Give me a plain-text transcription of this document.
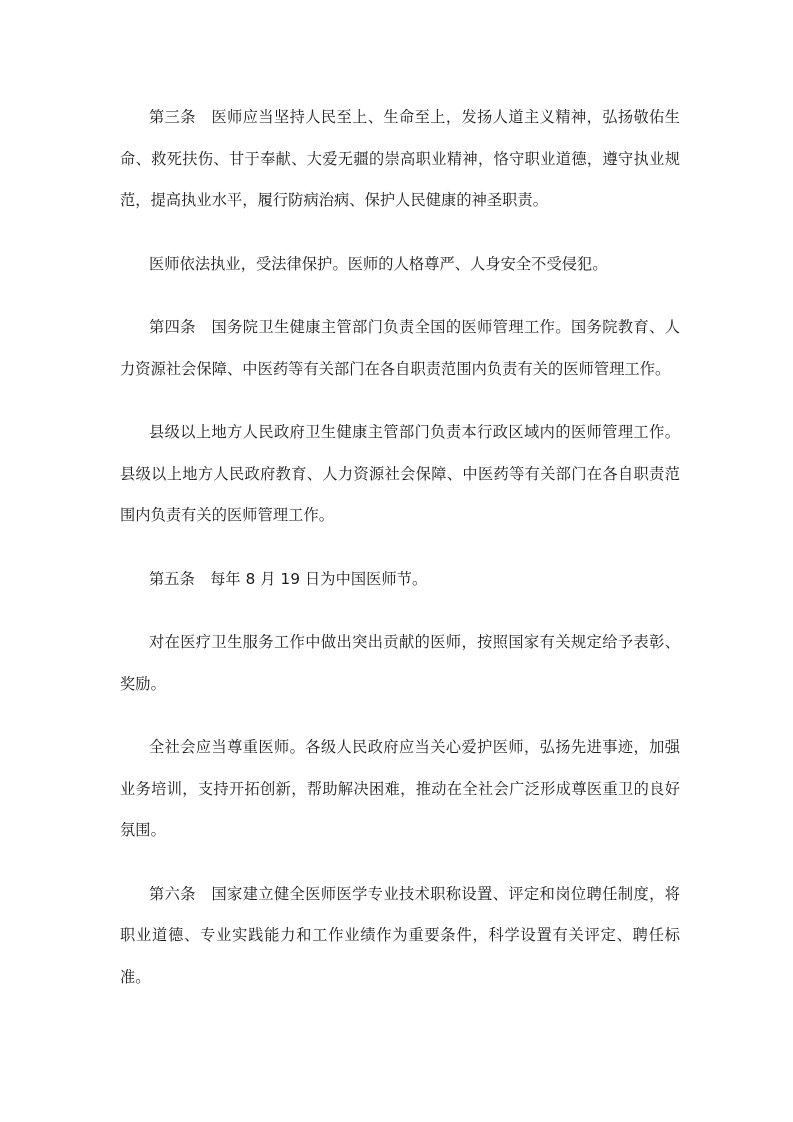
第三条　医师应当坚持人民至上、生命至上，发扬人道主义精神，弘扬敬佑生命、救死扶伤、甘于奉献、大爱无疆的崇高职业精神，恪守职业道德，遵守执业规范，提高执业水平，履行防病治病、保护人民健康的神圣职责。

医师依法执业，受法律保护。医师的人格尊严、人身安全不受侵犯。

第四条　国务院卫生健康主管部门负责全国的医师管理工作。国务院教育、人力资源社会保障、中医药等有关部门在各自职责范围内负责有关的医师管理工作。

县级以上地方人民政府卫生健康主管部门负责本行政区域内的医师管理工作。县级以上地方人民政府教育、人力资源社会保障、中医药等有关部门在各自职责范围内负责有关的医师管理工作。

第五条　每年 8 月 19 日为中国医师节。

对在医疗卫生服务工作中做出突出贡献的医师，按照国家有关规定给予表彰、奖励。

全社会应当尊重医师。各级人民政府应当关心爱护医师，弘扬先进事迹，加强业务培训，支持开拓创新，帮助解决困难，推动在全社会广泛形成尊医重卫的良好氛围。

第六条　国家建立健全医师医学专业技术职称设置、评定和岗位聘任制度，将职业道德、专业实践能力和工作业绩作为重要条件，科学设置有关评定、聘任标准。
